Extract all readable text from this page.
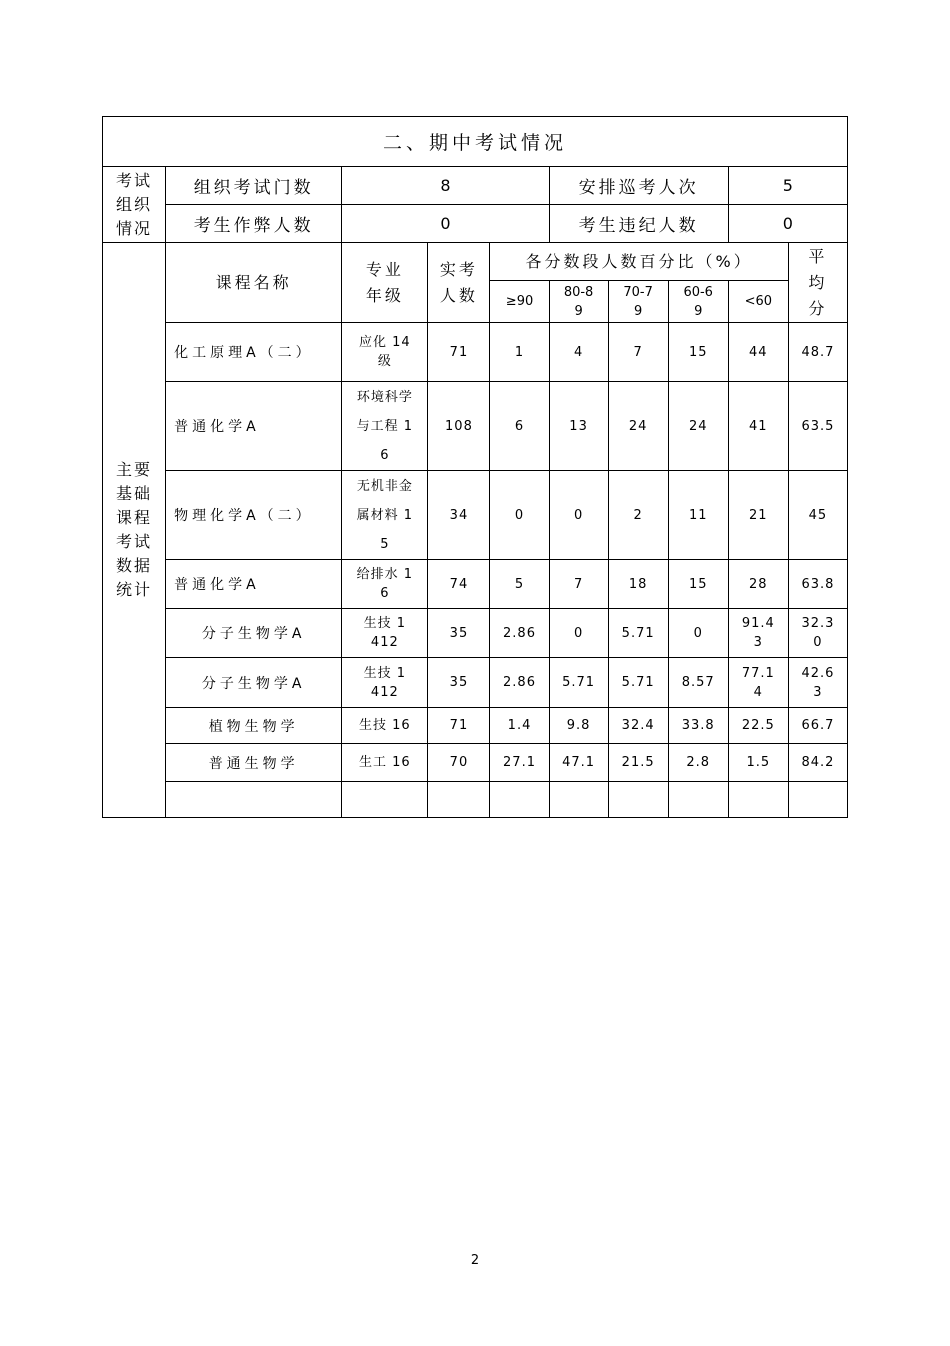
二、期中考试情况									

考试组织情况	组织考试门数	8			安排巡考人次			5	
	考生作弊人数	0			考生违纪人数			0	

主要基础课程考试数据统计	课程名称	专业年级	实考人数	各分数段人数百分比（%）					平均分

				≥90	80-89	70-79	60-69	<60	
	化工原理A（二）	应化 14级	71	1	4	7	15	44	48.7
	普通化学A	环境科学与工程 16	108	6	13	24	24	41	63.5
	物理化学A（二）	无机非金属材料 15	34	0	0	2	11	21	45
	普通化学A	给排水 16	74	5	7	18	15	28	63.8
	分子生物学A	生技 1412	35	2.86	0	5.71	0	91.43	32.30

	分子生物学A	生技 1412	35	2.86	5.71	5.71	8.57	77.14	42.63

	植物生物学	生技 16	71	1.4	9.8	32.4	33.8	22.5	66.7
	普通生物学	生工 16	70	27.1	47.1	21.5	2.8	1.5	84.2

2
